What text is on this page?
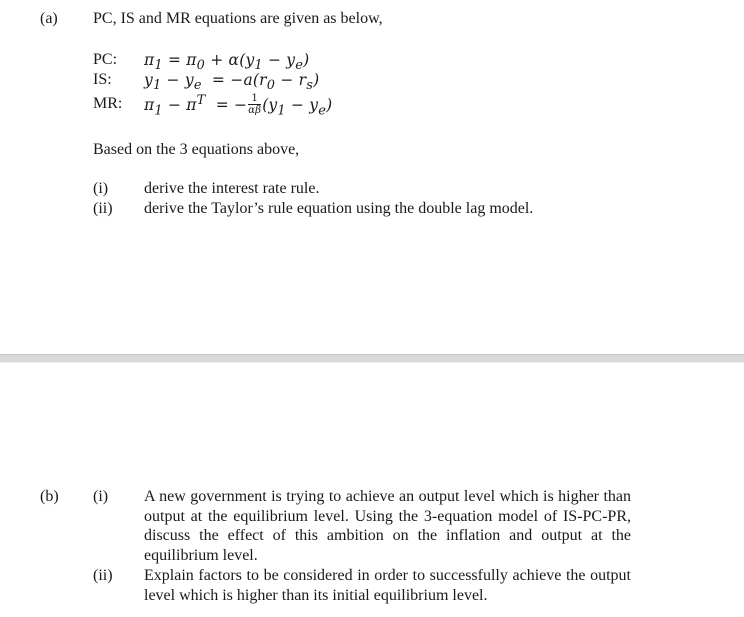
(a) PC, IS and MR equations are given as below,
PC: $\pi_1 = \pi_0 + \alpha(y_1 - y_e)$
IS: $y_1 - y_e = -a(r_0 - r_s)$
MR: $\pi_1 - \pi^T$  = − $\frac{1}{\alpha\beta} (y_1 - y_e)$
Based on the 3 equations above,
(i) derive the interest rate rule.
(ii) derive the Taylor’s rule equation using the double lag model.
(b) (i) A new government is trying to achieve an output level which is higher than output at the equilibrium level. Using the 3-equation model of IS-PC-PR, discuss the effect of this ambition on the inflation and output at the equilibrium level.
(ii) Explain factors to be considered in order to successfully achieve the output level which is higher than its initial equilibrium level.
